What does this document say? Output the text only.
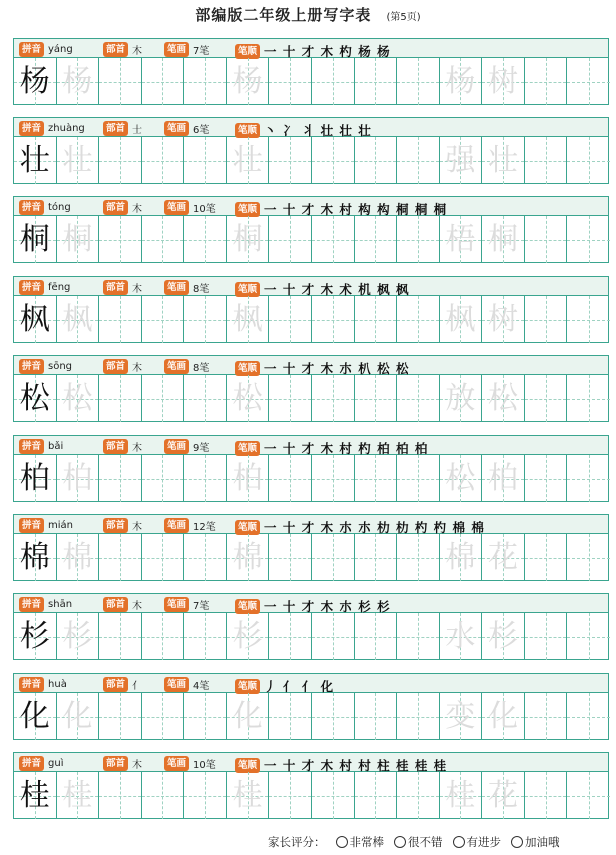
部编版二年级上册写字表 (第5页)
拼音 yáng	部首 木	笔画 7笔	笔顺 一 十 才 木 杓 杨 杨
杨 杨	杨	杨 树
拼音 zhuàng	部首 士	笔画 6笔	笔顺 丶 冫 丬 壮 壮 壮
壮 壮	壮	强 壮
拼音 tóng	部首 木	笔画 10笔	笔顺 一 十 才 木 村 构 构 桐 桐 桐
桐 桐	桐	梧 桐
拼音 fēng	部首 木	笔画 8笔	笔顺 一 十 才 木 术 机 枫 枫
枫 枫	枫	枫 树
拼音 sōng	部首 木	笔画 8笔	笔顺 一 十 才 木 朩 朳 松 松
松 松	松	放 松
拼音 bǎi	部首 木	笔画 9笔	笔顺 一 十 才 木 村 杓 柏 柏 柏
柏 柏	柏	松 柏
拼音 mián	部首 木	笔画 12笔	笔顺 一 十 才 木 朩 朩 朸 朸 杓 杓 棉 棉
棉 棉	棉	棉 花
拼音 shān	部首 木	笔画 7笔	笔顺 一 十 才 木 朩 杉 杉
杉 杉	杉	水 杉
拼音 huà	部首 亻	笔画 4笔	笔顺 丿 亻 亻 化
化 化	化	变 化
拼音 guì	部首 木	笔画 10笔	笔顺 一 十 才 木 村 村 柱 桂 桂 桂
桂 桂	桂	桂 花
家长评分： 非常棒 很不错 有进步 加油哦
